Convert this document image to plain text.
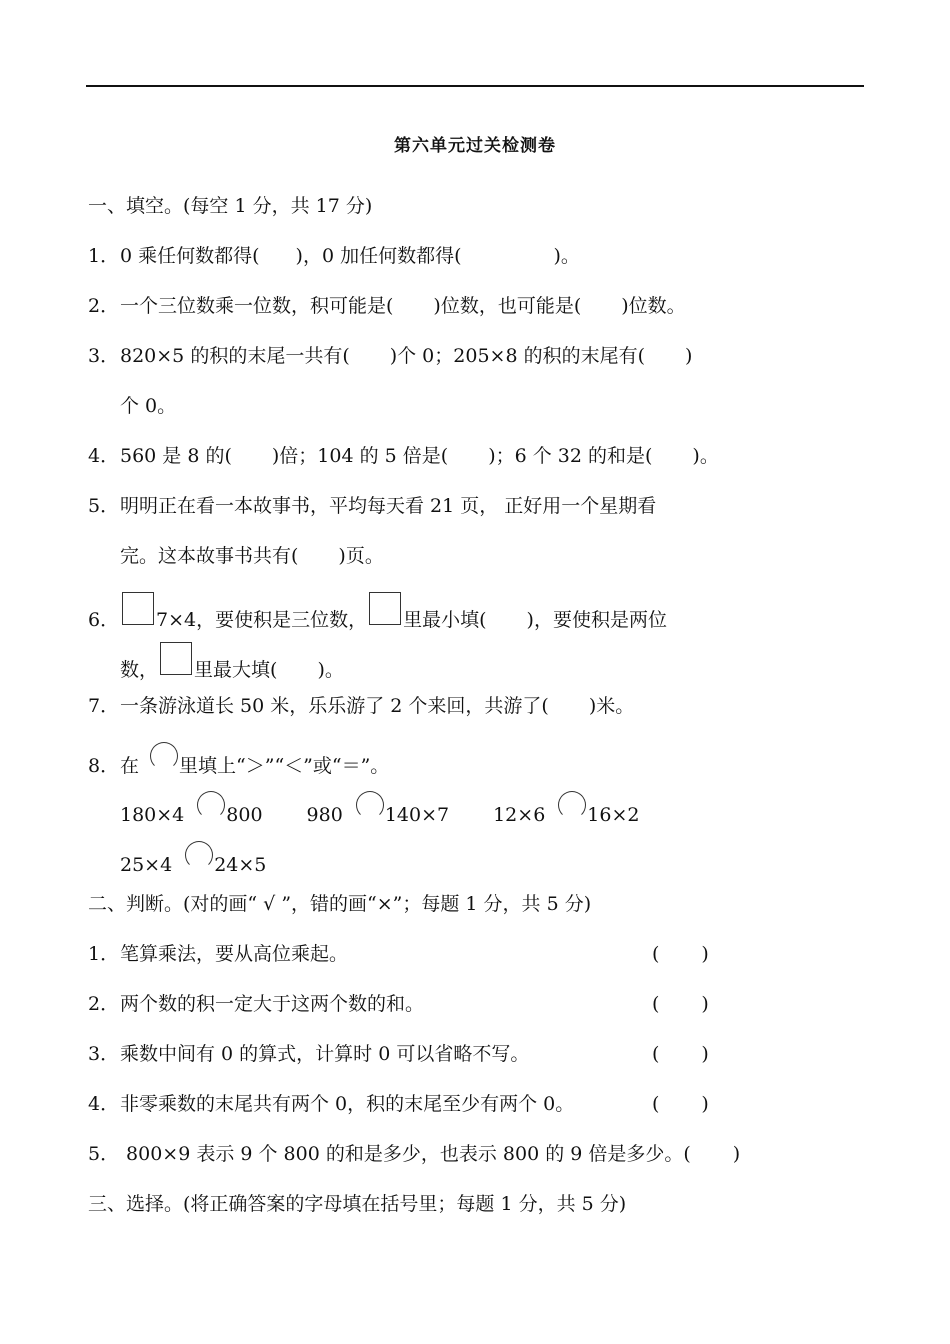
第六单元过关检测卷
一、填空。(每空 1 分，共 17 分)
1．0 乘任何数都得( )，0 加任何数都得(	)。
2．一个三位数乘一位数，积可能是( )位数，也可能是( )位数。
3．820×5 的积的末尾一共有( )个 0；205×8 的积的末尾有( )
个 0。
4．560 是 8 的( )倍；104 的 5 倍是( )；6 个 32 的和是( )。
5．明明正在看一本故事书，平均每天看 21 页， 正好用一个星期看
完。这本故事书共有( )页。
6． 7×4，要使积是三位数， 里最小填( )，要使积是两位
数， 里最大填( )。
7．一条游泳道长 50 米，乐乐游了 2 个来回，共游了( )米。
8．在 里填上“＞”“＜”或“＝”。
180×4 800 980 140×7 12×6 16×2
25×4 24×5
二、判断。(对的画“ √ ”，错的画“×”；每题 1 分，共 5 分)
1．笔算乘法，要从高位乘起。	( )
2．两个数的积一定大于这两个数的和。	( )
3．乘数中间有 0 的算式，计算时 0 可以省略不写。	( )
4．非零乘数的末尾共有两个 0，积的末尾至少有两个 0。	( )
5． 800×9 表示 9 个 800 的和是多少，也表示 800 的 9 倍是多少。( )
三、选择。(将正确答案的字母填在括号里；每题 1 分，共 5 分)
